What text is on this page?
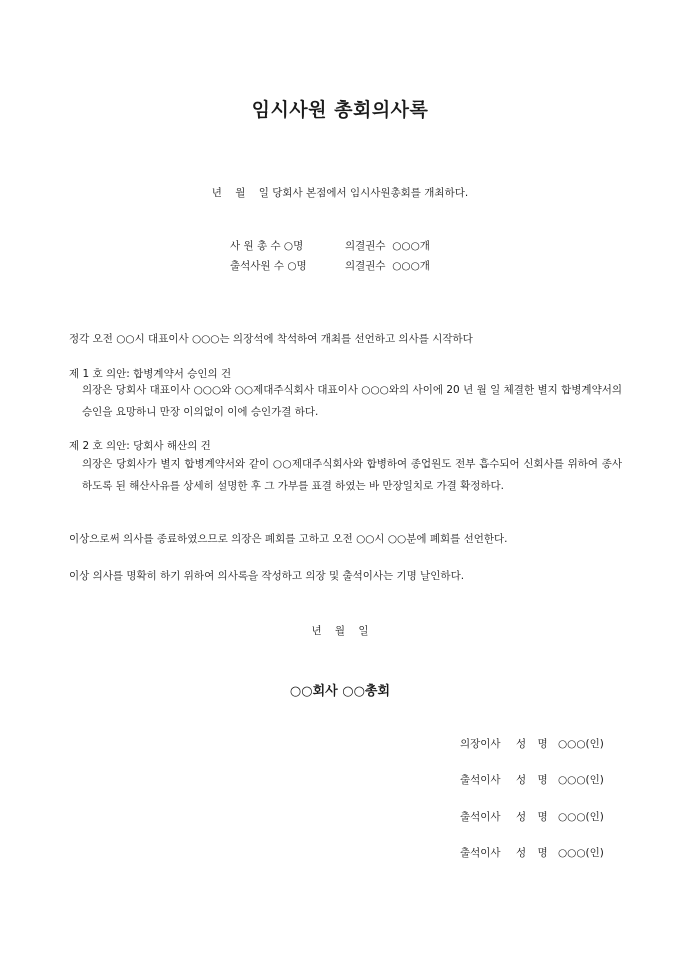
임시사원 총회의사록
년    월    일 당회사 본점에서 임시사원총회를 개최하다.
사 원 총 수 ○명	의결권수  ○○○개
출석사원 수 ○명	의결권수  ○○○개
정각 오전 ○○시 대표이사 ○○○는 의장석에 착석하여 개최를 선언하고 의사를 시작하다
제 1 호 의안: 합병계약서 승인의 건
의장은 당회사 대표이사 ○○○와 ○○제대주식회사 대표이사 ○○○와의 사이에 20 년 월 일 체결한 별지 합병계약서의 승인을 요망하니 만장 이의없이 이에 승인가결 하다.
제 2 호 의안: 당회사 해산의 건
의장은 당회사가 별지 합병계약서와 같이 ○○제대주식회사와 합병하여 종업원도 전부 흡수되어 신회사를 위하여 종사하도록 된 해산사유를 상세히 설명한 후 그 가부를 표결 하였는 바 만장일치로 가결 확정하다.
이상으로써 의사를 종료하였으므로 의장은 폐회를 고하고 오전 ○○시 ○○분에 폐회를 선언한다.
이상 의사를 명확히 하기 위하여 의사록을 작성하고 의장 및 출석이사는 기명 날인하다.
년 월 일
○○회사 ○○총회
의장이사 성 명 ○○○(인)
출석이사 성 명 ○○○(인)
출석이사 성 명 ○○○(인)
출석이사 성 명 ○○○(인)
